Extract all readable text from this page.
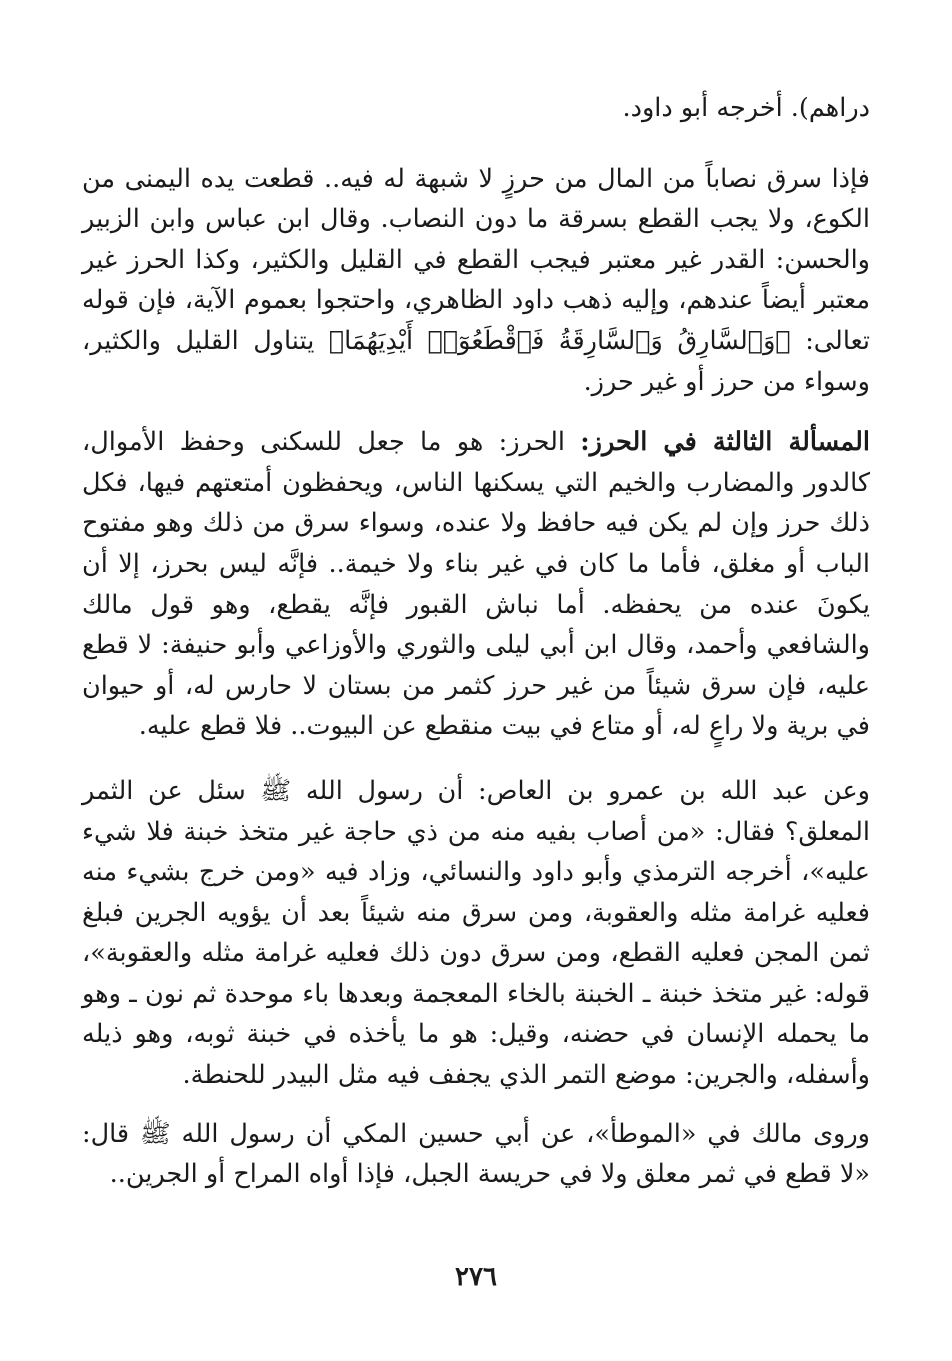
دراهم). أخرجه أبو داود.

فإذا سرق نصاباً من المال من حرزٍ لا شبهة له فيه.. قطعت يده اليمنى من الكوع، ولا يجب القطع بسرقة ما دون النصاب. وقال ابن عباس وابن الزبير والحسن: القدر غير معتبر فيجب القطع في القليل والكثير، وكذا الحرز غير معتبر أيضاً عندهم، وإليه ذهب داود الظاهري، واحتجوا بعموم الآية، فإن قوله تعالى: ﴿وَٱلسَّارِقُ وَٱلسَّارِقَةُ فَٱقْطَعُوٓا۟ أَيْدِيَهُمَا﴾ يتناول القليل والكثير، وسواء من حرز أو غير حرز.

المسألة الثالثة في الحرز: الحرز: هو ما جعل للسكنى وحفظ الأموال، كالدور والمضارب والخيم التي يسكنها الناس، ويحفظون أمتعتهم فيها، فكل ذلك حرز وإن لم يكن فيه حافظ ولا عنده، وسواء سرق من ذلك وهو مفتوح الباب أو مغلق، فأما ما كان في غير بناء ولا خيمة.. فإنَّه ليس بحرز، إلا أن يكونَ عنده من يحفظه. أما نباش القبور فإنَّه يقطع، وهو قول مالك والشافعي وأحمد، وقال ابن أبي ليلى والثوري والأوزاعي وأبو حنيفة: لا قطع عليه، فإن سرق شيئاً من غير حرز كثمر من بستان لا حارس له، أو حيوان في برية ولا راعٍ له، أو متاع في بيت منقطع عن البيوت.. فلا قطع عليه.

وعن عبد الله بن عمرو بن العاص: أن رسول الله ﷺ سئل عن الثمر المعلق؟ فقال: «من أصاب بفيه منه من ذي حاجة غير متخذ خبنة فلا شيء عليه»، أخرجه الترمذي وأبو داود والنسائي، وزاد فيه «ومن خرج بشيء منه فعليه غرامة مثله والعقوبة، ومن سرق منه شيئاً بعد أن يؤويه الجرين فبلغ ثمن المجن فعليه القطع، ومن سرق دون ذلك فعليه غرامة مثله والعقوبة»، قوله: غير متخذ خبنة ـ الخبنة بالخاء المعجمة وبعدها باء موحدة ثم نون ـ وهو ما يحمله الإنسان في حضنه، وقيل: هو ما يأخذه في خبنة ثوبه، وهو ذيله وأسفله، والجرين: موضع التمر الذي يجفف فيه مثل البيدر للحنطة.

وروى مالك في «الموطأ»، عن أبي حسين المكي أن رسول الله ﷺ قال: «لا قطع في ثمر معلق ولا في حريسة الجبل، فإذا أواه المراح أو الجرين..

٢٧٦
